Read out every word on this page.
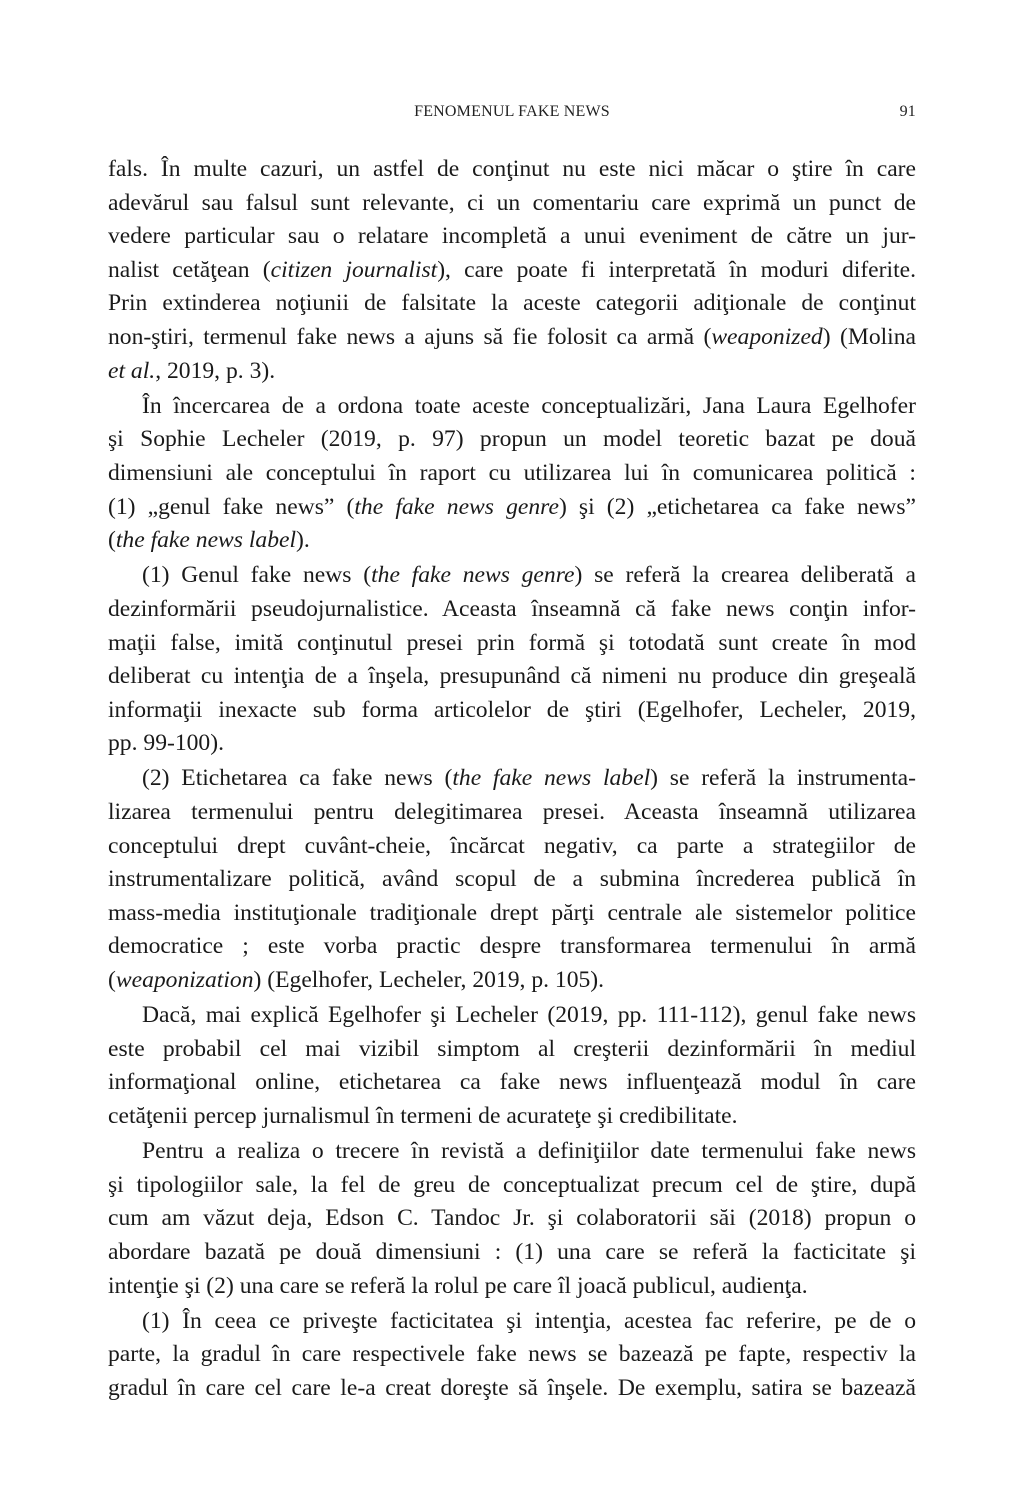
FENOMENUL FAKE NEWS	91
fals. În multe cazuri, un astfel de conţinut nu este nici măcar o ştire în care
adevărul sau falsul sunt relevante, ci un comentariu care exprimă un punct de
vedere particular sau o relatare incompletă a unui eveniment de către un jur-
nalist cetăţean (citizen journalist), care poate fi interpretată în moduri diferite.
Prin extinderea noţiunii de falsitate la aceste categorii adiţionale de conţinut
non-ştiri, termenul fake news a ajuns să fie folosit ca armă (weaponized) (Molina
et al., 2019, p. 3).
În încercarea de a ordona toate aceste conceptualizări, Jana Laura Egelhofer
şi Sophie Lecheler (2019, p. 97) propun un model teoretic bazat pe două
dimensiuni ale conceptului în raport cu utilizarea lui în comunicarea politică :
(1) „genul fake news” (the fake news genre) şi (2) „etichetarea ca fake news”
(the fake news label).
(1) Genul fake news (the fake news genre) se referă la crearea deliberată a
dezinformării pseudojurnalistice. Aceasta înseamnă că fake news conţin infor-
maţii false, imită conţinutul presei prin formă şi totodată sunt create în mod
deliberat cu intenţia de a înşela, presupunând că nimeni nu produce din greşeală
informaţii inexacte sub forma articolelor de ştiri (Egelhofer, Lecheler, 2019,
pp. 99-100).
(2) Etichetarea ca fake news (the fake news label) se referă la instrumenta-
lizarea termenului pentru delegitimarea presei. Aceasta înseamnă utilizarea
conceptului drept cuvânt-cheie, încărcat negativ, ca parte a strategiilor de
instrumentalizare politică, având scopul de a submina încrederea publică în
mass-media instituţionale tradiţionale drept părţi centrale ale sistemelor politice
democratice ; este vorba practic despre transformarea termenului în armă
(weaponization) (Egelhofer, Lecheler, 2019, p. 105).
Dacă, mai explică Egelhofer şi Lecheler (2019, pp. 111-112), genul fake news
este probabil cel mai vizibil simptom al creşterii dezinformării în mediul
informaţional online, etichetarea ca fake news influenţează modul în care
cetăţenii percep jurnalismul în termeni de acurateţe şi credibilitate.
Pentru a realiza o trecere în revistă a definiţiilor date termenului fake news
şi tipologiilor sale, la fel de greu de conceptualizat precum cel de ştire, după
cum am văzut deja, Edson C. Tandoc Jr. şi colaboratorii săi (2018) propun o
abordare bazată pe două dimensiuni : (1) una care se referă la facticitate şi
intenţie şi (2) una care se referă la rolul pe care îl joacă publicul, audienţa.
(1) În ceea ce priveşte facticitatea şi intenţia, acestea fac referire, pe de o
parte, la gradul în care respectivele fake news se bazează pe fapte, respectiv la
gradul în care cel care le-a creat doreşte să înşele. De exemplu, satira se bazează
